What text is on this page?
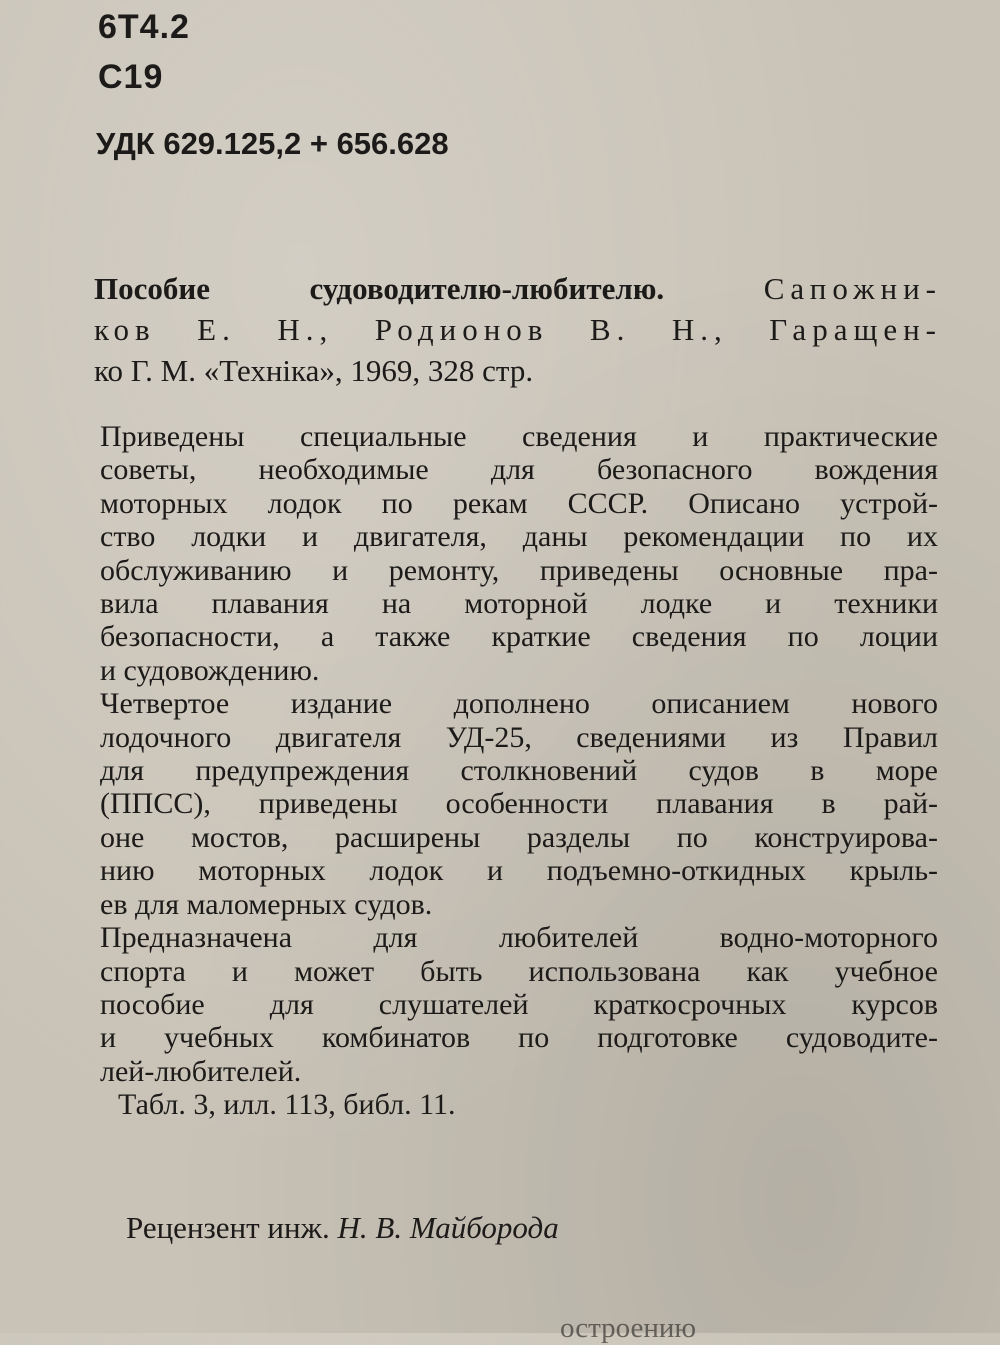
6Т4.2
С19
УДК 629.125,2 + 656.628
Пособие судоводителю-любителю.	Сапожни-
ков Е. Н., Родионов В. Н., Гаращен-
ко Г. М. «Технiка», 1969, 328 стр.
Приведены специальные сведения и практические
советы, необходимые для безопасного вождения
моторных лодок по рекам СССР. Описано устрой-
ство лодки и двигателя, даны рекомендации по их
обслуживанию и ремонту, приведены основные пра-
вила плавания на моторной лодке и техники
безопасности, а также краткие сведения по лоции
и судовождению.
Четвертое издание дополнено описанием нового
лодочного двигателя УД-25, сведениями из Правил
для предупреждения столкновений судов в море
(ППСС), приведены особенности плавания в рай-
оне мостов, расширены разделы по конструирова-
нию моторных лодок и подъемно-откидных крыль-
ев для маломерных судов.
Предназначена для любителей водно-моторного
спорта и может быть использована как учебное
пособие для слушателей краткосрочных курсов
и учебных комбинатов по подготовке судоводите-
лей-любителей.
Табл. 3, илл. 113, библ. 11.
Рецензент инж. Н. В. Майборода
остроению
